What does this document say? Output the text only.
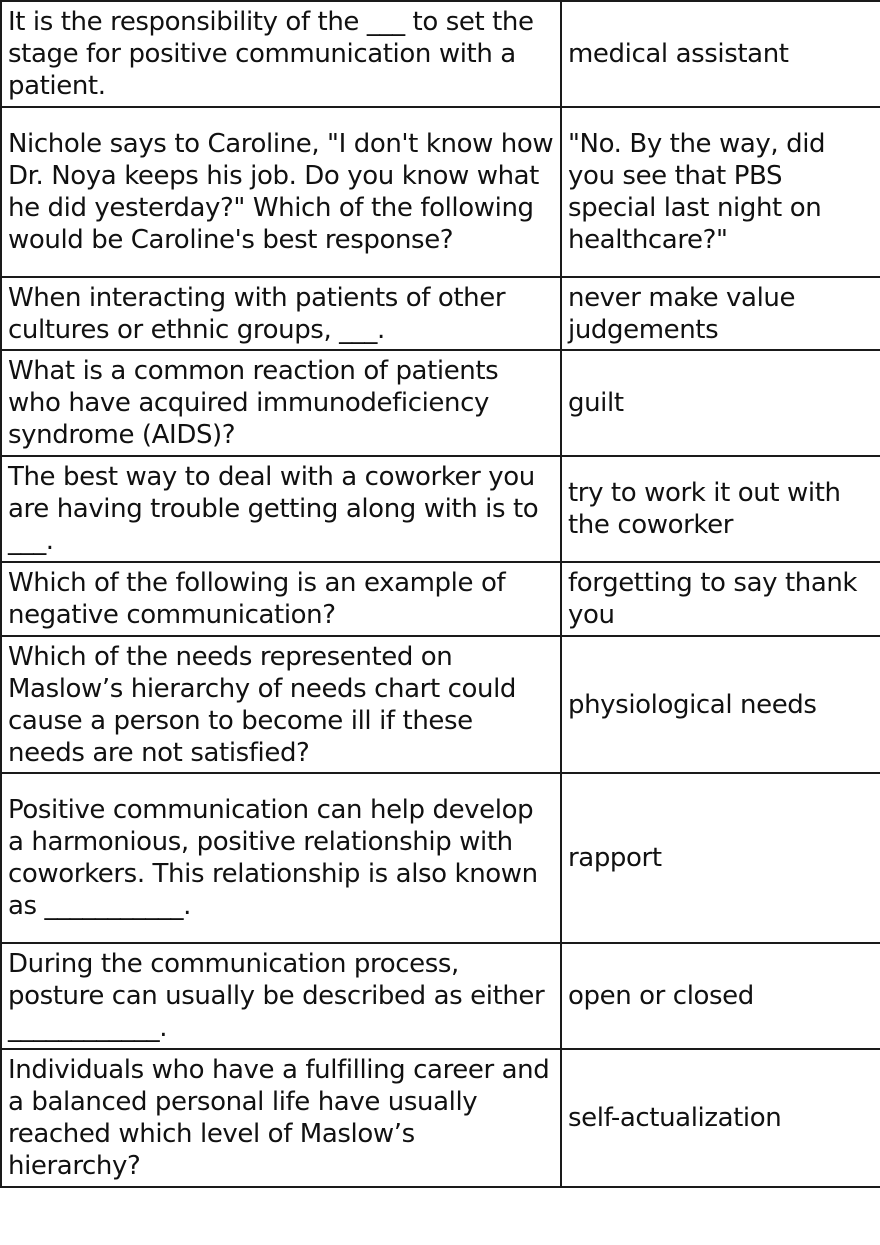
It is the responsibility of the ___ to set the stage for positive communication with a patient.	medical assistant
Nichole says to Caroline, "I don't know how Dr. Noya keeps his job. Do you know what he did yesterday?" Which of the following would be Caroline's best response?	"No. By the way, did you see that PBS special last night on healthcare?"
When interacting with patients of other cultures or ethnic groups, ___.	never make value judgements
What is a common reaction of patients who have acquired immunodeficiency syndrome (AIDS)?	guilt
The best way to deal with a coworker you are having trouble getting along with is to ___.	try to work it out with the coworker
Which of the following is an example of negative communication?	forgetting to say thank you
Which of the needs represented on Maslow’s hierarchy of needs chart could cause a person to become ill if these needs are not satisfied?	physiological needs
Positive communication can help develop a harmonious, positive relationship with coworkers. This relationship is also known as ___________.	rapport
During the communication process, posture can usually be described as either ____________.	open or closed
Individuals who have a fulfilling career and a balanced personal life have usually reached which level of Maslow’s hierarchy?	self-actualization
